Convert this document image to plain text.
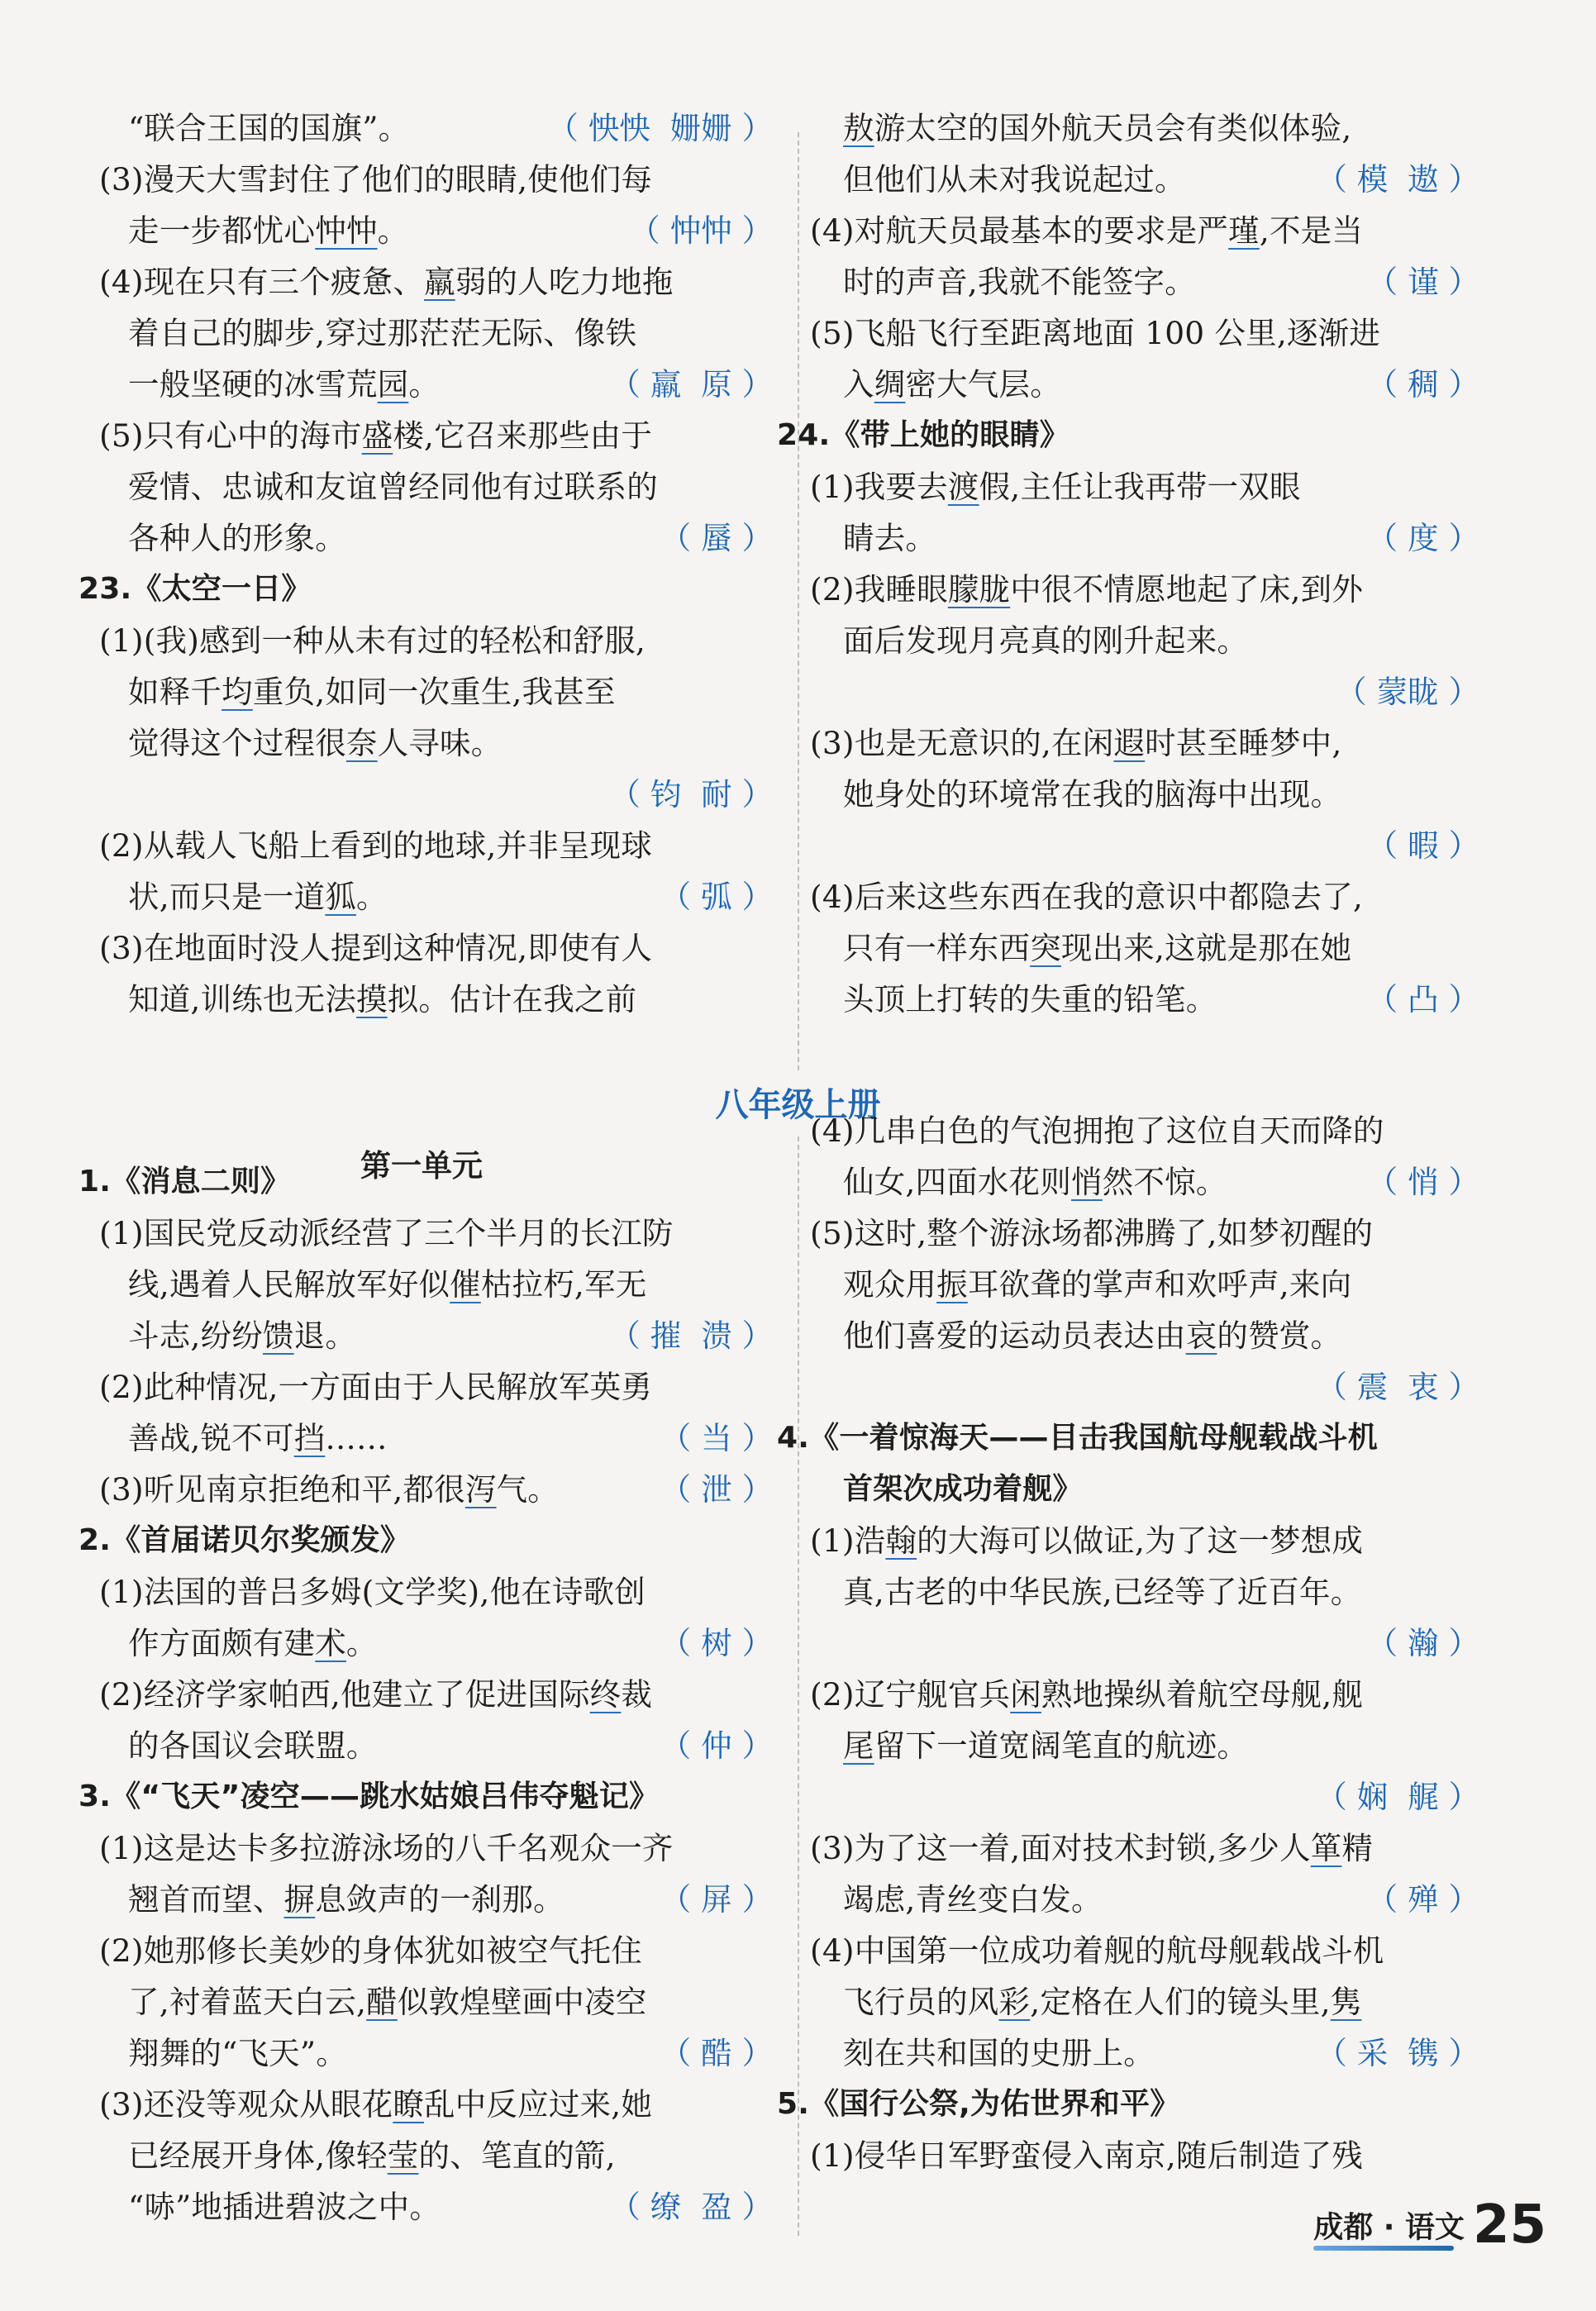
八年级上册
第一单元
“联合王国的国旗”。	（ 怏怏  姗姗 ）
(3)漫天大雪封住了他们的眼睛,使他们每
走一步都忧心忡忡。	（ 忡忡 ）
(4)现在只有三个疲惫、羸弱的人吃力地拖
着自己的脚步,穿过那茫茫无际、像铁
一般坚硬的冰雪荒园。	（ 羸  原 ）
(5)只有心中的海市盛楼,它召来那些由于
爱情、忠诚和友谊曾经同他有过联系的
各种人的形象。	（ 蜃 ）
23.《太空一日》
(1)(我)感到一种从未有过的轻松和舒服,
如释千均重负,如同一次重生,我甚至
觉得这个过程很奈人寻味。
（ 钧  耐 ）
(2)从载人飞船上看到的地球,并非呈现球
状,而只是一道狐。	（ 弧 ）
(3)在地面时没人提到这种情况,即使有人
知道,训练也无法摸拟。估计在我之前
敖游太空的国外航天员会有类似体验,
但他们从未对我说起过。	（ 模  遨 ）
(4)对航天员最基本的要求是严瑾,不是当
时的声音,我就不能签字。	（ 谨 ）
(5)飞船飞行至距离地面 100 公里,逐渐进
入绸密大气层。	（ 稠 ）
24.《带上她的眼睛》
(1)我要去渡假,主任让我再带一双眼
睛去。	（ 度 ）
(2)我睡眼朦胧中很不情愿地起了床,到外
面后发现月亮真的刚升起来。
（ 蒙眬 ）
(3)也是无意识的,在闲遐时甚至睡梦中,
她身处的环境常在我的脑海中出现。
（ 暇 ）
(4)后来这些东西在我的意识中都隐去了,
只有一样东西突现出来,这就是那在她
头顶上打转的失重的铅笔。	（ 凸 ）
1.《消息二则》
(1)国民党反动派经营了三个半月的长江防
线,遇着人民解放军好似催枯拉朽,军无
斗志,纷纷馈退。	（ 摧  溃 ）
(2)此种情况,一方面由于人民解放军英勇
善战,锐不可挡……	（ 当 ）
(3)听见南京拒绝和平,都很泻气。	（ 泄 ）
2.《首届诺贝尔奖颁发》
(1)法国的普吕多姆(文学奖),他在诗歌创
作方面颇有建术。	（ 树 ）
(2)经济学家帕西,他建立了促进国际终裁
的各国议会联盟。	（ 仲 ）
3.《“飞天”凌空——跳水姑娘吕伟夺魁记》
(1)这是达卡多拉游泳场的八千名观众一齐
翘首而望、摒息敛声的一刹那。	（ 屏 ）
(2)她那修长美妙的身体犹如被空气托住
了,衬着蓝天白云,醋似敦煌壁画中凌空
翔舞的“飞天”。	（ 酷 ）
(3)还没等观众从眼花瞭乱中反应过来,她
已经展开身体,像轻莹的、笔直的箭,
“哧”地插进碧波之中。	（ 缭  盈 ）
(4)几串白色的气泡拥抱了这位自天而降的
仙女,四面水花则悄然不惊。	（ 悄 ）
(5)这时,整个游泳场都沸腾了,如梦初醒的
观众用振耳欲聋的掌声和欢呼声,来向
他们喜爱的运动员表达由哀的赞赏。
（ 震  衷 ）
4.《一着惊海天——目击我国航母舰载战斗机
首架次成功着舰》
(1)浩翰的大海可以做证,为了这一梦想成
真,古老的中华民族,已经等了近百年。
（ 瀚 ）
(2)辽宁舰官兵闲熟地操纵着航空母舰,舰
尾留下一道宽阔笔直的航迹。
（ 娴  艉 ）
(3)为了这一着,面对技术封锁,多少人箪精
竭虑,青丝变白发。	（ 殚 ）
(4)中国第一位成功着舰的航母舰载战斗机
飞行员的风彩,定格在人们的镜头里,隽
刻在共和国的史册上。	（ 采  镌 ）
5.《国行公祭,为佑世界和平》
(1)侵华日军野蛮侵入南京,随后制造了残
成都 · 语文 25
